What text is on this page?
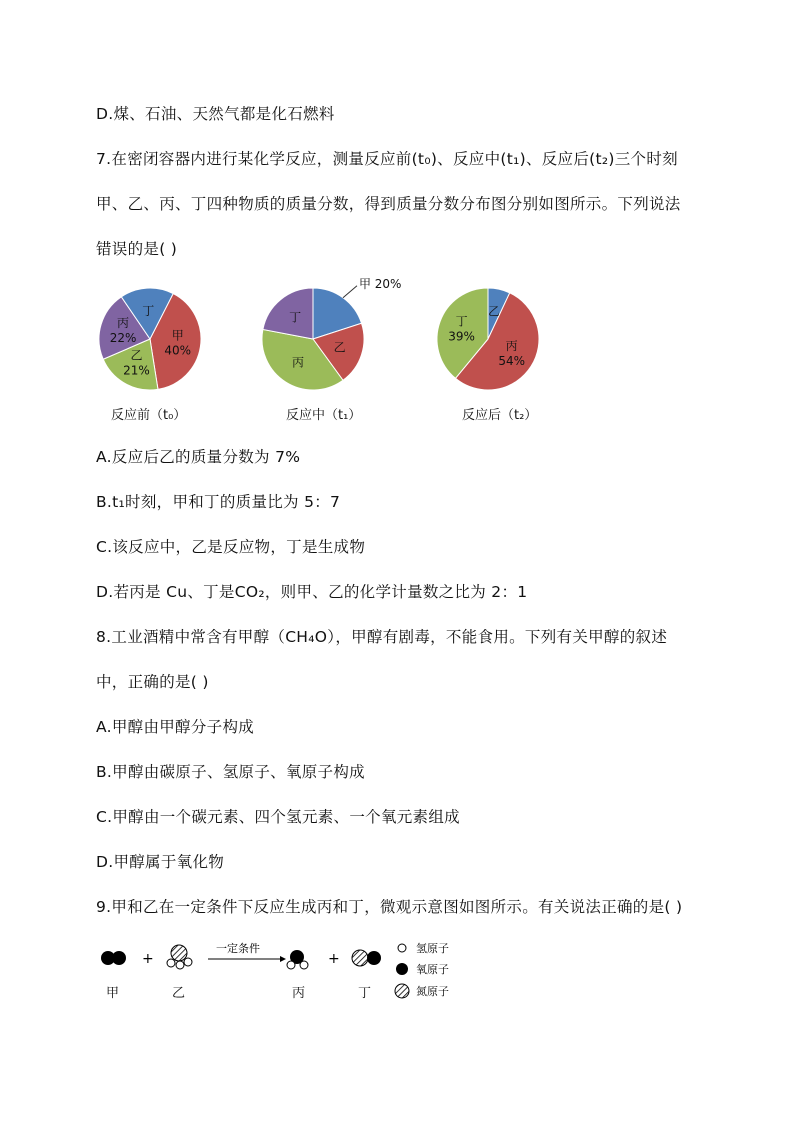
D.煤、石油、天然气都是化石燃料
7.在密闭容器内进行某化学反应，测量反应前(t₀)、反应中(t₁)、反应后(t₂)三个时刻
甲、乙、丙、丁四种物质的质量分数，得到质量分数分布图分别如图所示。下列说法
错误的是( )
甲
40%
乙
21%
丙
22%
丁
反应前（t₀）
乙
丙
丁
甲 20%
反应中（t₁）
乙
丙
54%
丁
39%
反应后（t₂）
A.反应后乙的质量分数为 7%
B.t₁时刻，甲和丁的质量比为 5：7
C.该反应中，乙是反应物，丁是生成物
D.若丙是 Cu、丁是CO₂，则甲、乙的化学计量数之比为 2：1
8.工业酒精中常含有甲醇（CH₄O），甲醇有剧毒，不能食用。下列有关甲醇的叙述
中，正确的是( )
A.甲醇由甲醇分子构成
B.甲醇由碳原子、氢原子、氧原子构成
C.甲醇由一个碳元素、四个氢元素、一个氧元素组成
D.甲醇属于氧化物
9.甲和乙在一定条件下反应生成丙和丁，微观示意图如图所示。有关说法正确的是( )
+
一定条件
+
氢原子
氧原子
氮原子
甲	乙	丙	丁
